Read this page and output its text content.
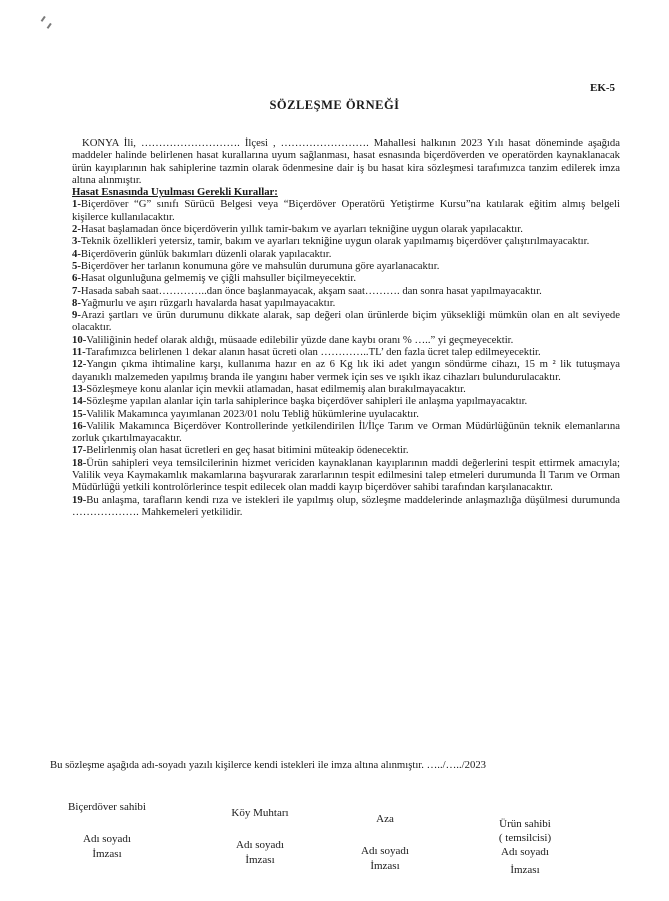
EK-5
SÖZLEŞME ÖRNEĞİ

KONYA İli, ………………………. İlçesi , ……………………. Mahallesi halkının 2023 Yılı hasat döneminde aşağıda maddeler halinde belirlenen hasat kurallarına uyum sağlanması, hasat esnasında biçerdöverden ve operatörden kaynaklanacak ürün kayıplarının hak sahiplerine tazmin olarak ödenmesine dair iş bu hasat kira sözleşmesi tarafımızca tanzim edilerek imza altına alınmıştır.

Hasat Esnasında Uyulması Gerekli Kurallar:

1-Biçerdöver “G” sınıfı Sürücü Belgesi veya “Biçerdöver Operatörü Yetiştirme Kursu”na katılarak eğitim almış belgeli kişilerce kullanılacaktır.

2-Hasat başlamadan önce biçerdöverin yıllık tamir-bakım ve ayarları tekniğine uygun olarak yapılacaktır.

3-Teknik özellikleri yetersiz, tamir, bakım ve ayarları tekniğine uygun olarak yapılmamış biçerdöver çalıştırılmayacaktır.

4-Biçerdöverin günlük bakımları düzenli olarak yapılacaktır.

5-Biçerdöver her tarlanın konumuna göre ve mahsulün durumuna göre ayarlanacaktır.

6-Hasat olgunluğuna gelmemiş ve çiğli mahsuller biçilmeyecektir.

7-Hasada sabah saat…………..dan önce başlanmayacak, akşam saat………. dan sonra hasat yapılmayacaktır.

8-Yağmurlu ve aşırı rüzgarlı havalarda hasat yapılmayacaktır.

9-Arazi şartları ve ürün durumunu dikkate alarak, sap değeri olan ürünlerde biçim yüksekliği mümkün olan en alt seviyede olacaktır.

10-Valiliğinin hedef olarak aldığı, müsaade edilebilir yüzde dane kaybı oranı % …..” yi geçmeyecektir.

11-Tarafımızca belirlenen 1 dekar alanın hasat ücreti olan …………..TL’ den fazla ücret talep edilmeyecektir.

12-Yangın çıkma ihtimaline karşı, kullanıma hazır en az 6 Kg lık iki adet yangın söndürme cihazı, 15 m ² lik tutuşmaya dayanıklı malzemeden yapılmış branda ile yangını haber vermek için ses ve ışıklı ikaz cihazları bulundurulacaktır.

13-Sözleşmeye konu alanlar için mevkii atlamadan, hasat edilmemiş alan bırakılmayacaktır.

14-Sözleşme yapılan alanlar için tarla sahiplerince başka biçerdöver sahipleri ile anlaşma yapılmayacaktır.

15-Valilik Makamınca yayımlanan 2023/01 nolu Tebliğ hükümlerine uyulacaktır.

16-Valilik Makamınca Biçerdöver Kontrollerinde yetkilendirilen İl/İlçe Tarım ve Orman Müdürlüğünün teknik elemanlarına zorluk çıkartılmayacaktır.

17-Belirlenmiş olan hasat ücretleri en geç hasat bitimini müteakip ödenecektir.

18-Ürün sahipleri veya temsilcilerinin hizmet vericiden kaynaklanan kayıplarının maddi değerlerini tespit ettirmek amacıyla; Valilik veya Kaymakamlık makamlarına başvurarak zararlarının tespit edilmesini talep etmeleri durumunda İl Tarım ve Orman Müdürlüğü yetkili kontrolörlerince tespit edilecek olan maddi kayıp biçerdöver sahibi tarafından karşılanacaktır.

19-Bu anlaşma, tarafların kendi rıza ve istekleri ile yapılmış olup, sözleşme maddelerinde anlaşmazlığa düşülmesi durumunda ………………. Mahkemeleri yetkilidir.

Bu sözleşme aşağıda adı-soyadı yazılı kişilerce kendi istekleri ile imza altına alınmıştır. …../…../2023
Biçerdöver sahibi
Adı soyadı
İmzası
Köy Muhtarı
Adı soyadı
İmzası
Aza
Adı soyadı
İmzası
Ürün sahibi
( temsilcisi)
Adı soyadı
İmzası
